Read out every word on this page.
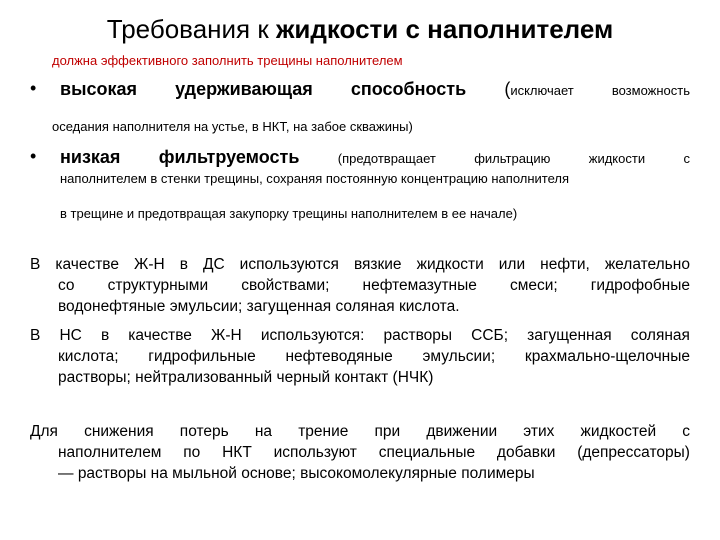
Требования к жидкости с наполнителем
должна эффективного заполнить трещины наполнителем
• высокая удерживающая способность (исключает	возможность
оседания наполнителя на устье, в НКТ, на забое скважины)
• низкая фильтруемость	(предотвращает	фильтрацию	жидкости	с
наполнителем в стенки трещины, сохраняя постоянную концентрацию наполнителя
в трещине и предотвращая закупорку трещины наполнителем в ее начале)
В качестве Ж-Н в ДС используются вязкие жидкости или нефти, желательно
со структурными свойствами; нефтемазутные смеси; гидрофобные
водонефтяные эмульсии; загущенная соляная кислота.
В НС в качестве Ж-Н используются: растворы ССБ; загущенная соляная
кислота; гидрофильные нефтеводяные эмульсии; крахмально-щелочные
растворы; нейтрализованный черный контакт (НЧК)
Для снижения потерь на трение при движении этих жидкостей с
наполнителем по НКТ используют специальные добавки (депрессаторы)
— растворы на мыльной основе; высокомолекулярные полимеры
